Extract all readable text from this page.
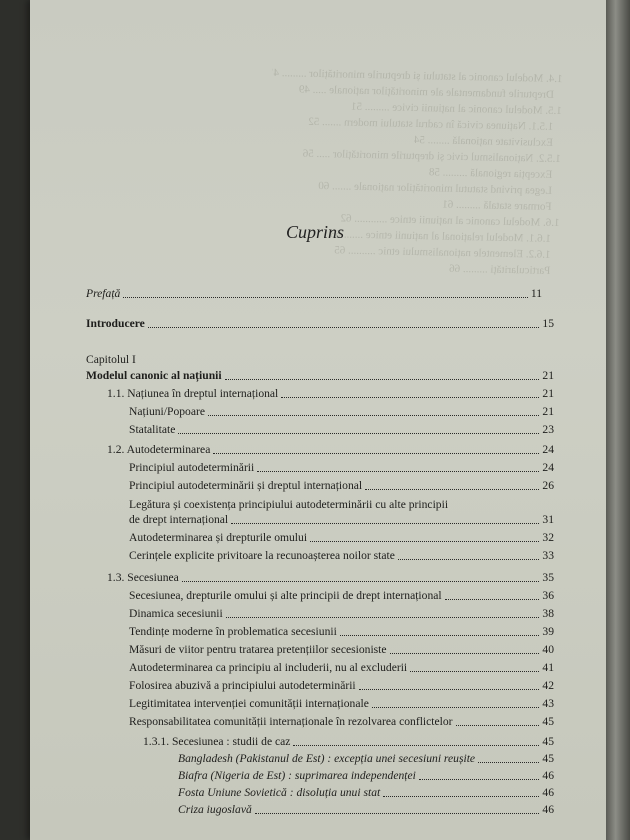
1.4. Modelul canonic al statului și drepturile minorităților ......... 47
Drepturile fundamentale ale minorităților naționale ..... 49
1.5. Modelul canonic al națiunii civice ......... 51
1.5.1. Națiunea civică în cadrul statului modern ....... 52
Exclusivitate națională ........ 54
1.5.2. Naționalismul civic și drepturile minorităților ..... 56
Excepția regională ......... 58
Legea privind statutul minorităților naționale ....... 60
Formare statală ......... 61
1.6. Modelul canonic al națiunii etnice ............ 62
1.6.1. Modelul relațional al națiunii etnice ....... 63
1.6.2. Elementele naționalismului etnic .......... 65
Particularități ......... 66
Cuprins
Prefață	11
Introducere	15
Capitolul I
Modelul canonic al națiunii	21
1.1. Națiunea în dreptul internațional	21
Națiuni/Popoare	21
Statalitate	23
1.2. Autodeterminarea	24
Principiul autodeterminării	24
Principiul autodeterminării și dreptul internațional	26
Legătura și coexistența principiului autodeterminării cu alte principii
de drept internațional	31
Autodeterminarea și drepturile omului	32
Cerințele explicite privitoare la recunoașterea noilor state	33
1.3. Secesiunea	35
Secesiunea, drepturile omului și alte principii de drept internațional	36
Dinamica secesiunii	38
Tendințe moderne în problematica secesiunii	39
Măsuri de viitor pentru tratarea pretențiilor secesioniste	40
Autodeterminarea ca principiu al includerii, nu al excluderii	41
Folosirea abuzivă a principiului autodeterminării	42
Legitimitatea intervenției comunității internaționale	43
Responsabilitatea comunității internaționale în rezolvarea conflictelor	45
1.3.1. Secesiunea : studii de caz	45
Bangladesh (Pakistanul de Est) : excepția unei secesiuni reușite	45
Biafra (Nigeria de Est) : suprimarea independenței	46
Fosta Uniune Sovietică : disoluția unui stat	46
Criza iugoslavă	46
